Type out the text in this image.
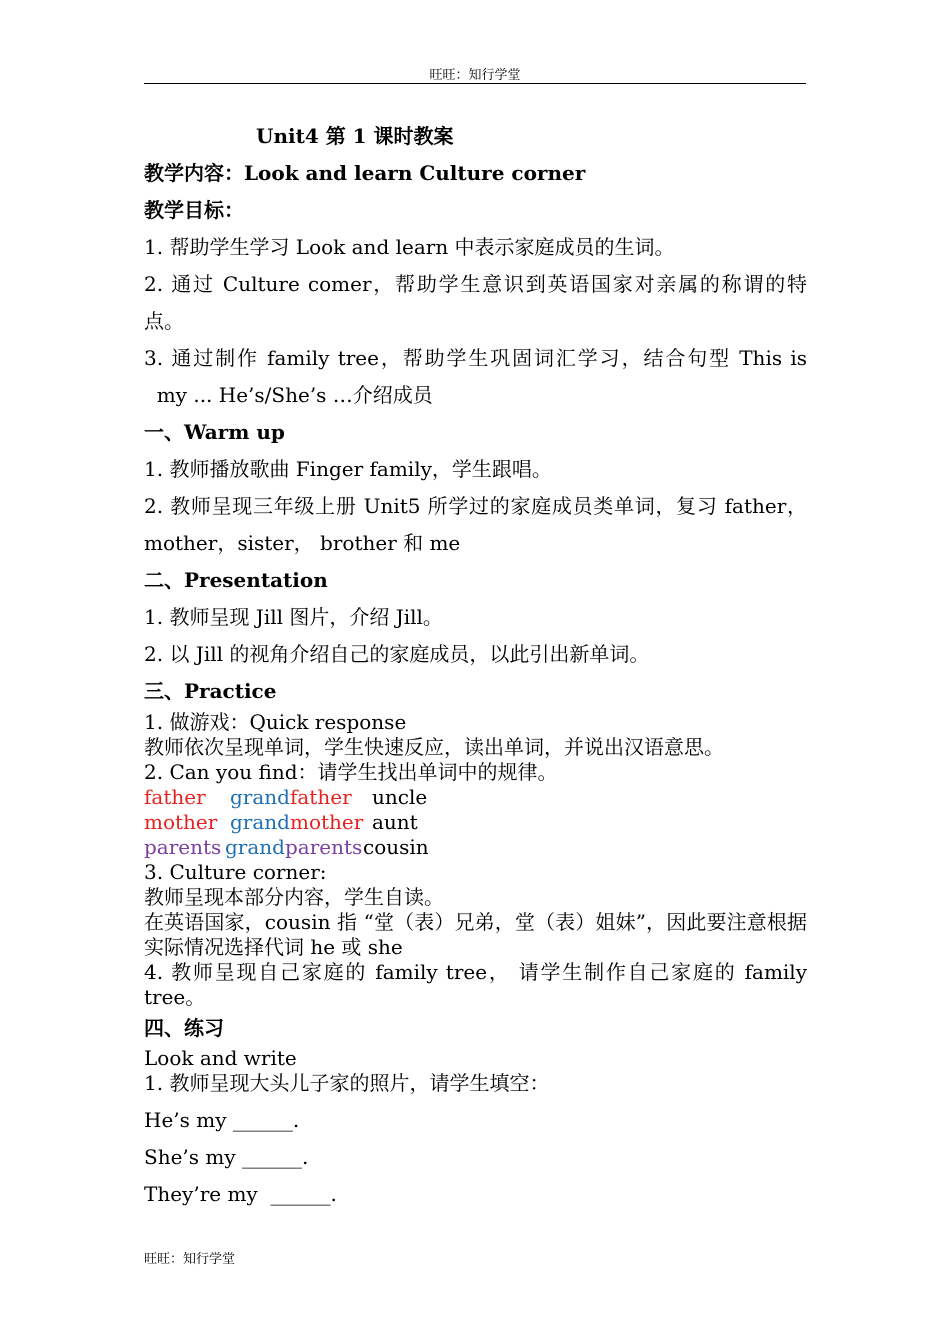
旺旺：知行学堂
Unit4 第 1 课时教案
教学内容：Look and learn Culture corner
教学目标：
1. 帮助学生学习 Look and learn 中表示家庭成员的生词。
2. 通过 Culture comer，帮助学生意识到英语国家对亲属的称谓的特
点。
3. 通过制作 family tree，帮助学生巩固词汇学习，结合句型 This is
my ... He’s/She’s …介绍成员
一、Warm up
1. 教师播放歌曲 Finger family，学生跟唱。
2. 教师呈现三年级上册 Unit5 所学过的家庭成员类单词，复习 father，
mother，sister， brother 和 me
二、Presentation
1. 教师呈现 Jill 图片，介绍 Jill。
2. 以 Jill 的视角介绍自己的家庭成员，以此引出新单词。
三、Practice
1. 做游戏：Quick response
教师依次呈现单词，学生快速反应，读出单词，并说出汉语意思。
2. Can you find：请学生找出单词中的规律。
father grandfather uncle
mother grandmother aunt
parents grandparentscousin
3. Culture corner:
教师呈现本部分内容，学生自读。
在英语国家，cousin 指 “堂（表）兄弟，堂（表）姐妹”，因此要注意根据
实际情况选择代词 he 或 she
4. 教师呈现自己家庭的 family tree， 请学生制作自己家庭的 family
tree。
四、练习
Look and write
1. 教师呈现大头儿子家的照片，请学生填空：
He’s my ______.
She’s my ______.
They’re my  ______.
旺旺：知行学堂
